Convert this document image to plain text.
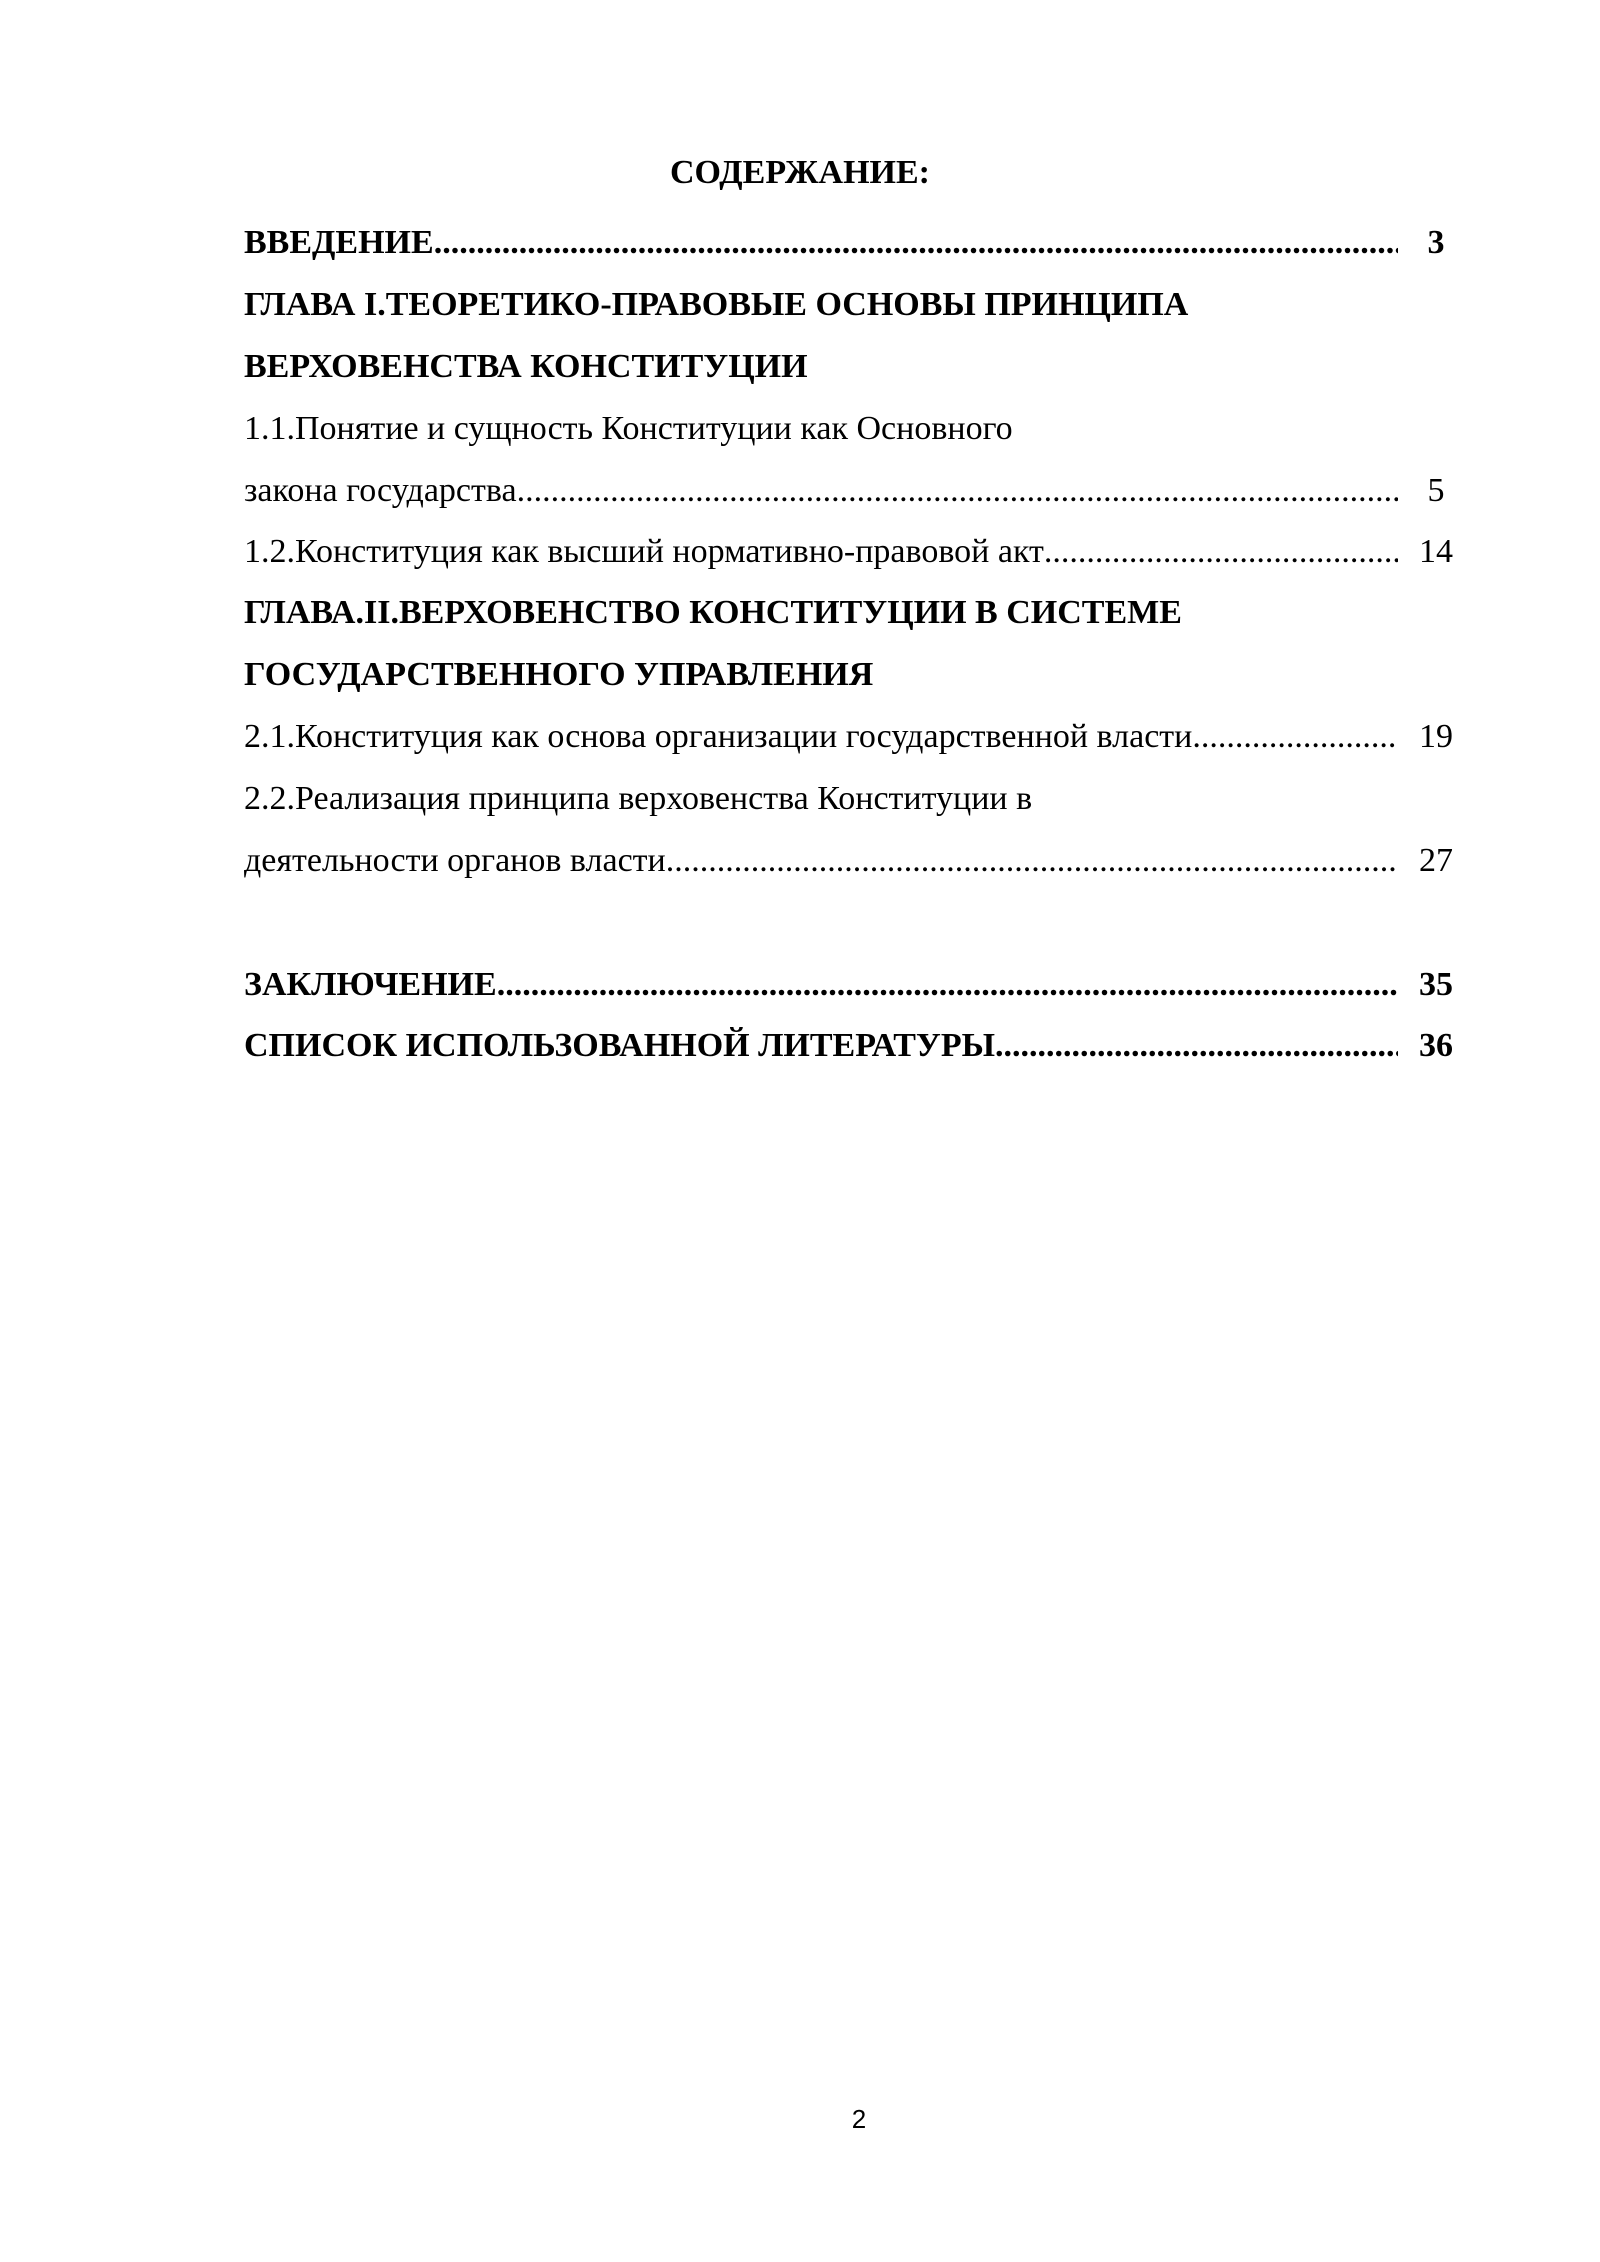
СОДЕРЖАНИЕ:
ВВЕДЕНИЕ .....	3
ГЛАВА I.ТЕОРЕТИКО-ПРАВОВЫЕ ОСНОВЫ ПРИНЦИПА
ВЕРХОВЕНСТВА КОНСТИТУЦИИ
1.1.Понятие и сущность Конституции как Основного
закона государства .....	5
1.2.Конституция как высший нормативно-правовой акт .....	14
ГЛАВА.II.ВЕРХОВЕНСТВО КОНСТИТУЦИИ В СИСТЕМЕ
ГОСУДАРСТВЕННОГО УПРАВЛЕНИЯ
2.1.Конституция как основа организации государственной власти .....	19
2.2.Реализация принципа верховенства Конституции в
деятельности органов власти .....	27
ЗАКЛЮЧЕНИЕ .....	35
СПИСОК ИСПОЛЬЗОВАННОЙ ЛИТЕРАТУРЫ .....	36
2
